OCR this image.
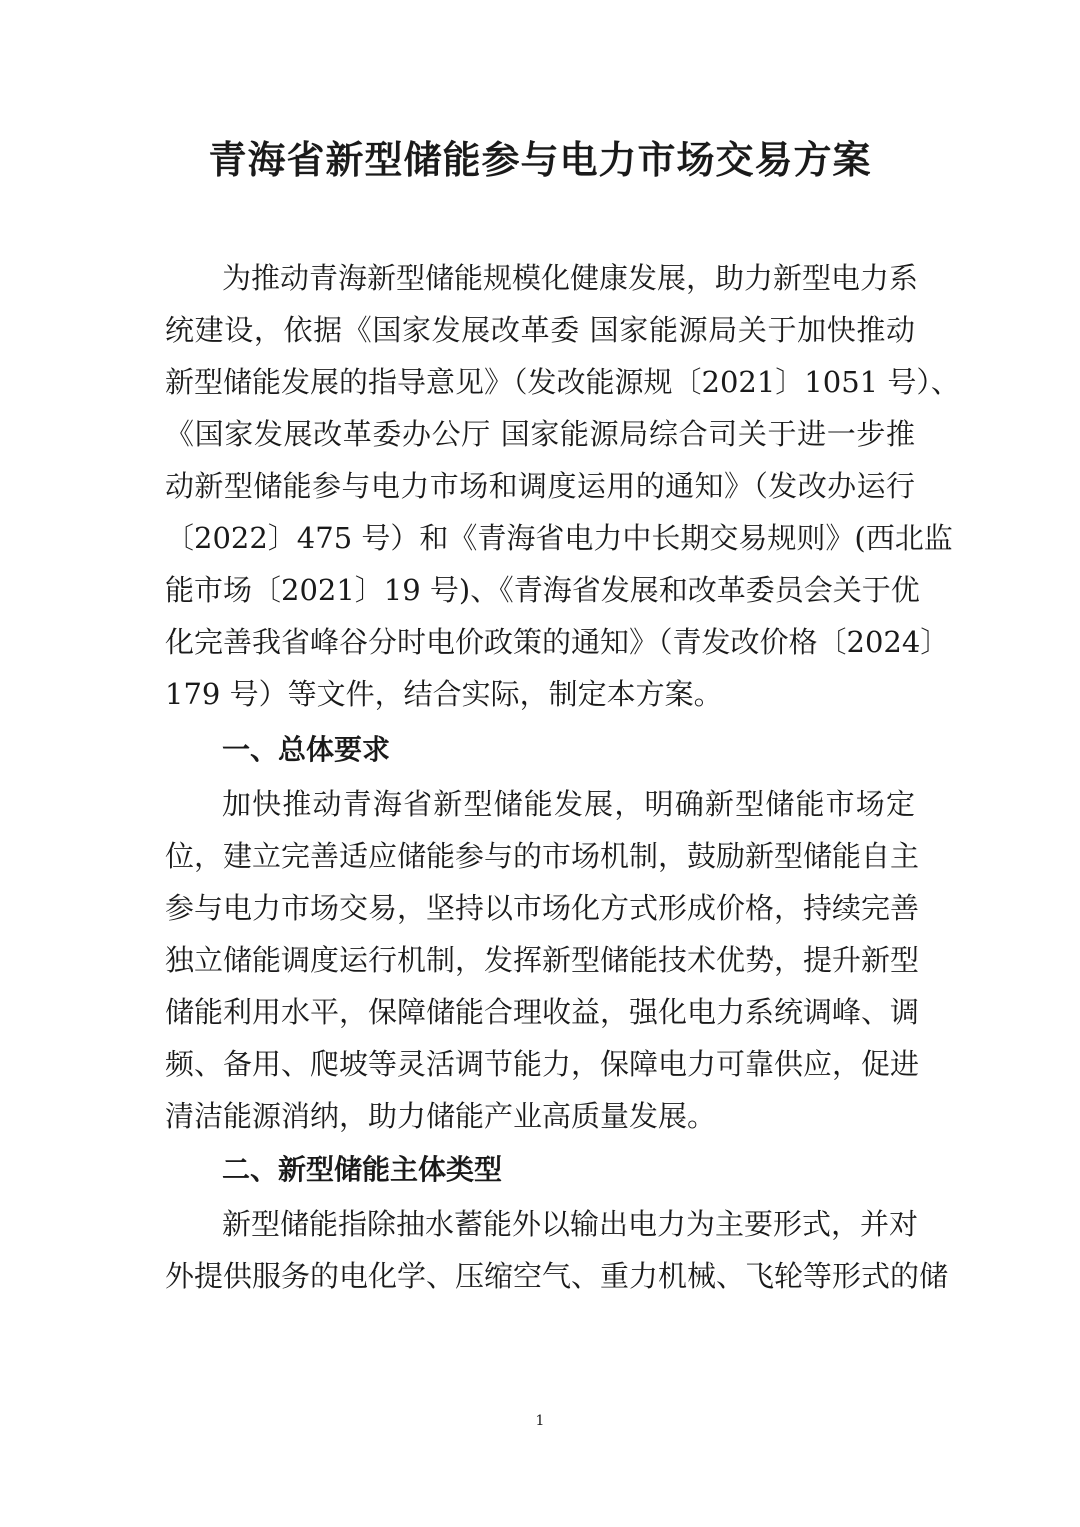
青海省新型储能参与电力市场交易方案

为推动青海新型储能规模化健康发展，助力新型电力系

统建设，依据《国家发展改革委 国家能源局关于加快推动

新型储能发展的指导意见》（发改能源规〔2021〕1051 号）、

《国家发展改革委办公厅 国家能源局综合司关于进一步推

动新型储能参与电力市场和调度运用的通知》（发改办运行

〔2022〕475 号）和《青海省电力中长期交易规则》(西北监

能市场〔2021〕19 号)、《青海省发展和改革委员会关于优

化完善我省峰谷分时电价政策的通知》（青发改价格〔2024〕

179 号）等文件，结合实际，制定本方案。

一、总体要求

加快推动青海省新型储能发展，明确新型储能市场定

位，建立完善适应储能参与的市场机制，鼓励新型储能自主

参与电力市场交易，坚持以市场化方式形成价格，持续完善

独立储能调度运行机制，发挥新型储能技术优势，提升新型

储能利用水平，保障储能合理收益，强化电力系统调峰、调

频、备用、爬坡等灵活调节能力，保障电力可靠供应，促进

清洁能源消纳，助力储能产业高质量发展。

二、新型储能主体类型

新型储能指除抽水蓄能外以输出电力为主要形式，并对

外提供服务的电化学、压缩空气、重力机械、飞轮等形式的储

1
